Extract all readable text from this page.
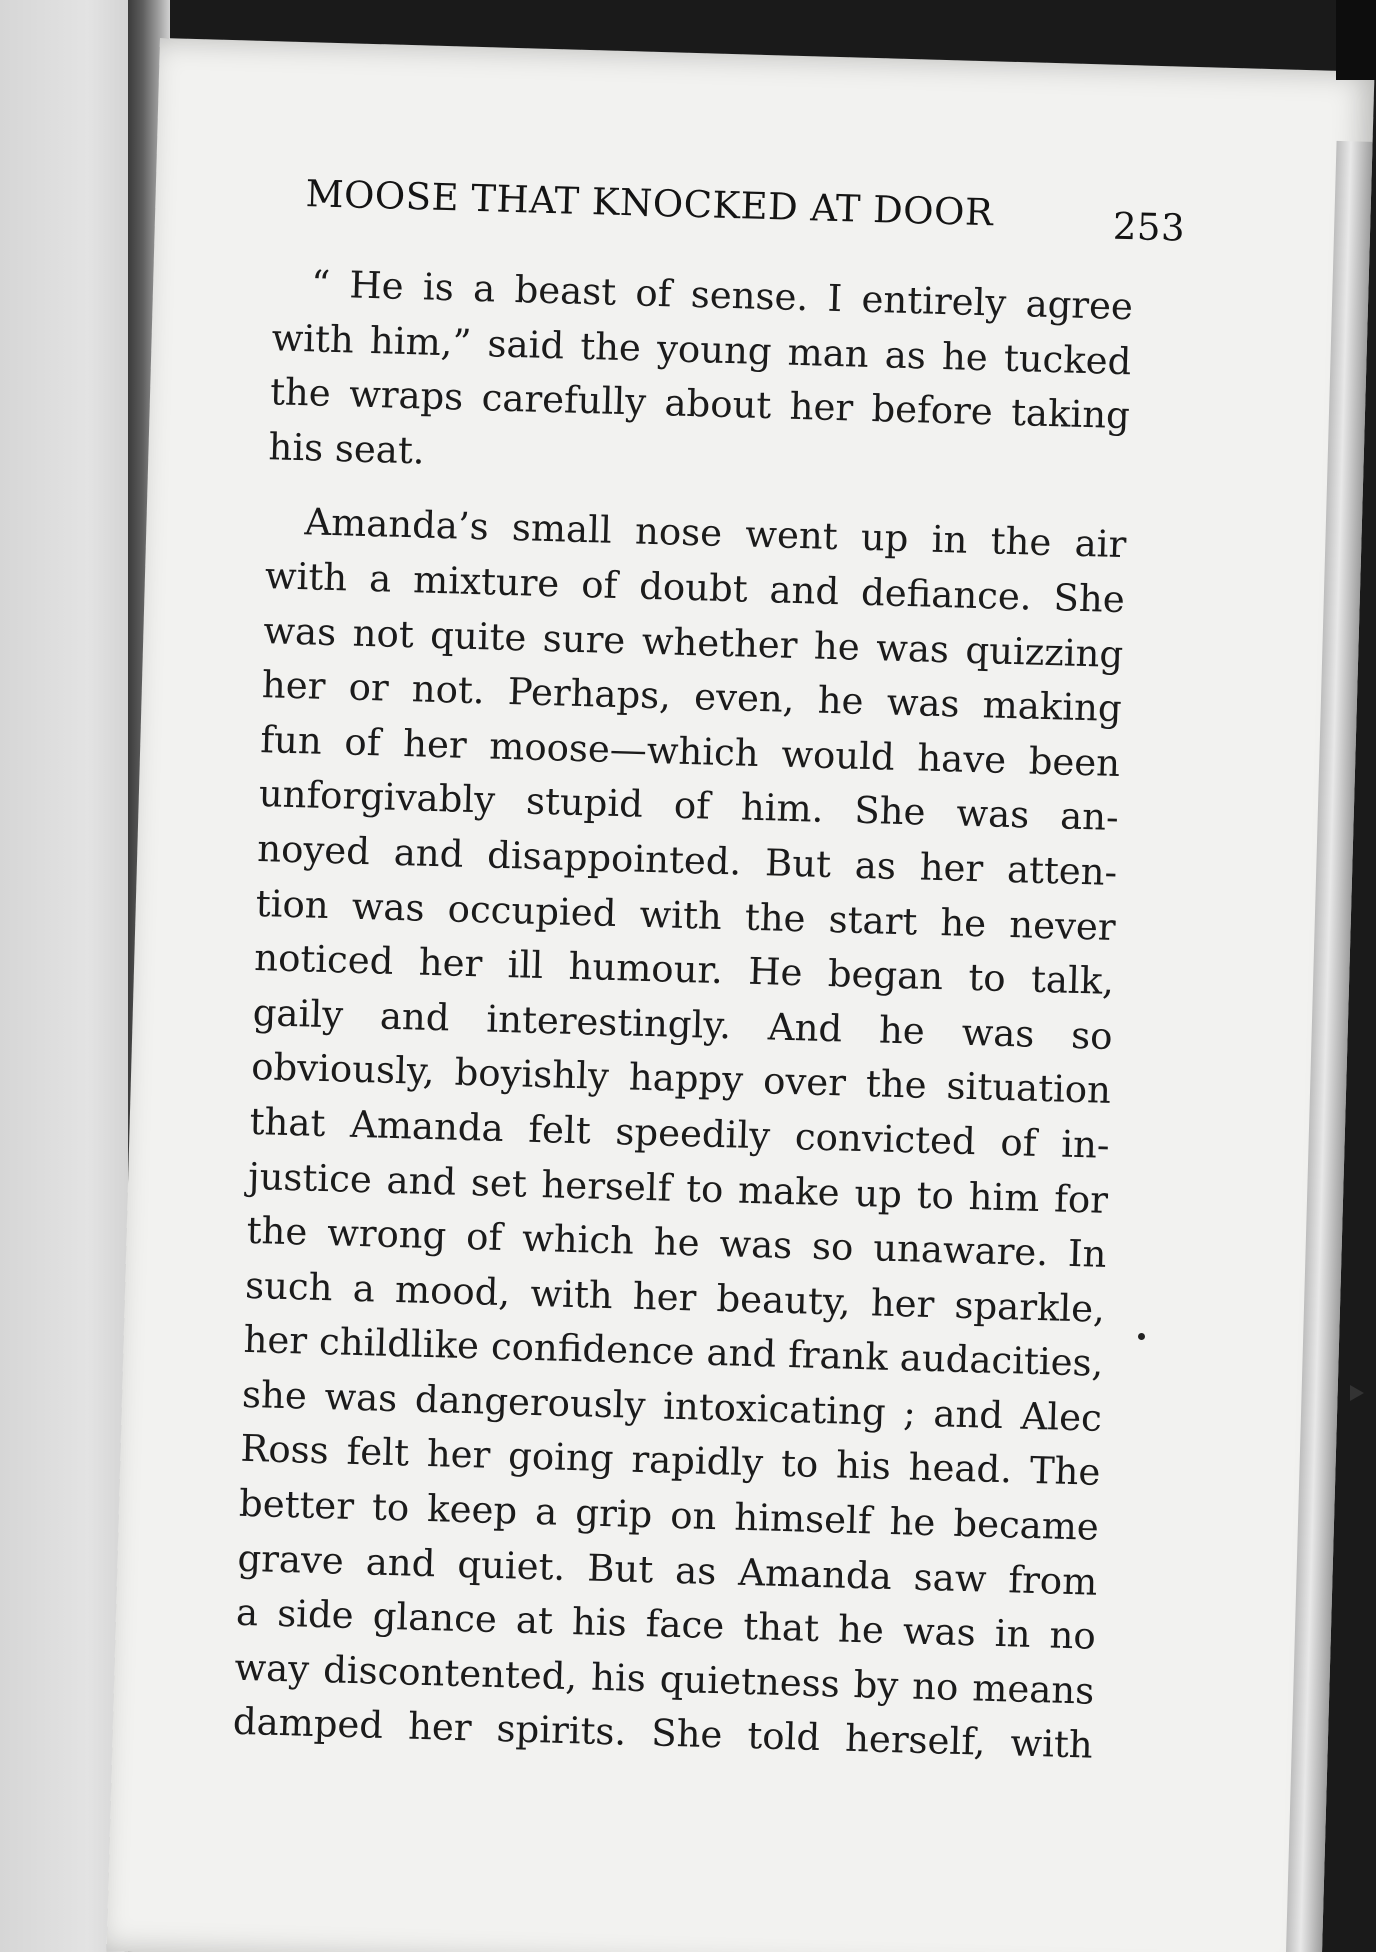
MOOSE THAT KNOCKED AT DOOR	253
“ He is a beast of sense. I entirely agree
with him,” said the young man as he tucked
the wraps carefully about her before taking
his seat.
Amanda’s small nose went up in the air
with a mixture of doubt and defiance. She
was not quite sure whether he was quizzing
her or not. Perhaps, even, he was making
fun of her moose—which would have been
unforgivably stupid of him. She was an-
noyed and disappointed. But as her atten-
tion was occupied with the start he never
noticed her ill humour. He began to talk,
gaily and interestingly. And he was so
obviously, boyishly happy over the situation
that Amanda felt speedily convicted of in-
justice and set herself to make up to him for
the wrong of which he was so unaware. In
such a mood, with her beauty, her sparkle,
her childlike confidence and frank audacities,
she was dangerously intoxicating ; and Alec
Ross felt her going rapidly to his head. The
better to keep a grip on himself he became
grave and quiet. But as Amanda saw from
a side glance at his face that he was in no
way discontented, his quietness by no means
damped her spirits. She told herself, with
